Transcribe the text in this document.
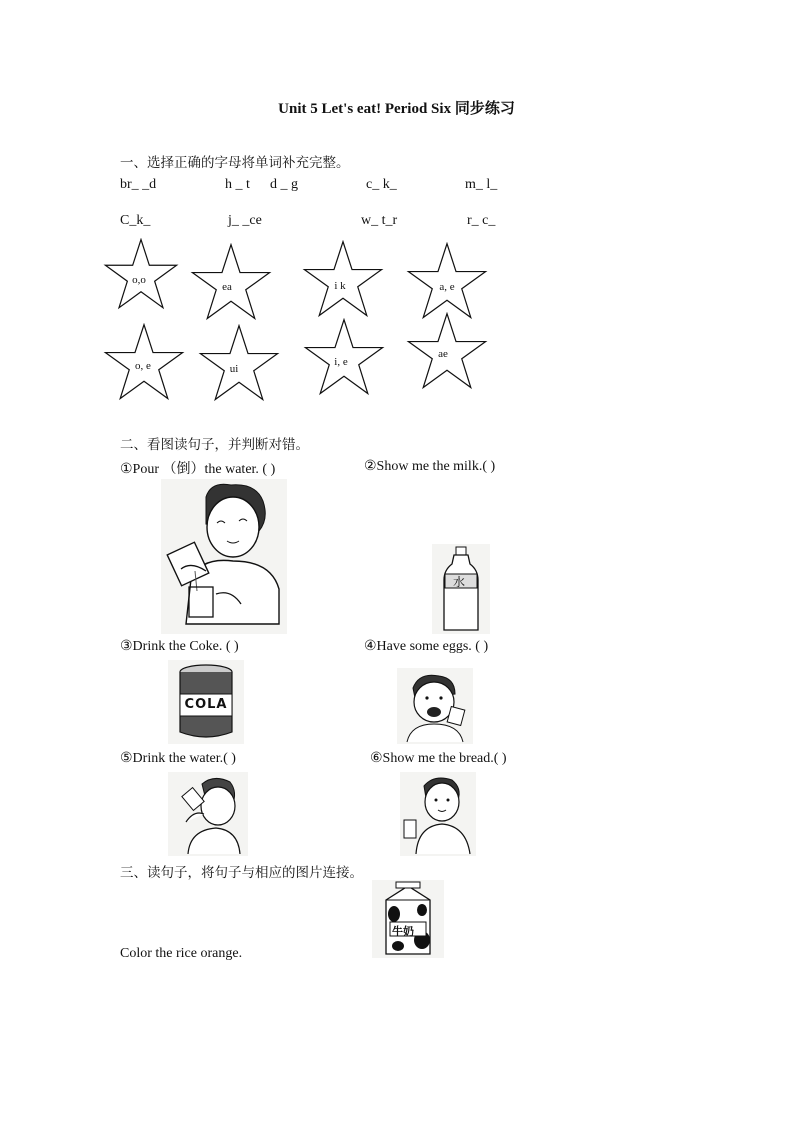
Unit 5 Let's eat! Period Six 同步练习
一、选择正确的字母将单词补充完整。
br_ _d	h _ t d _ g	c_ k_	m_ l_
C_k_	j_ _ce	w_ t_r	r_ c_
o,o
ea	i k	a, e
o, e	ui
i, e
ae
二、看图读句子，并判断对错。
①Pour （倒）the water. ( )	②Show me the milk.( )
水
③Drink the Coke. ( )	④Have some eggs. ( )
COLA
⑤Drink the water.( )	⑥Show me the bread.( )
三、读句子，将句子与相应的图片连接。
牛奶
Color the rice orange.
